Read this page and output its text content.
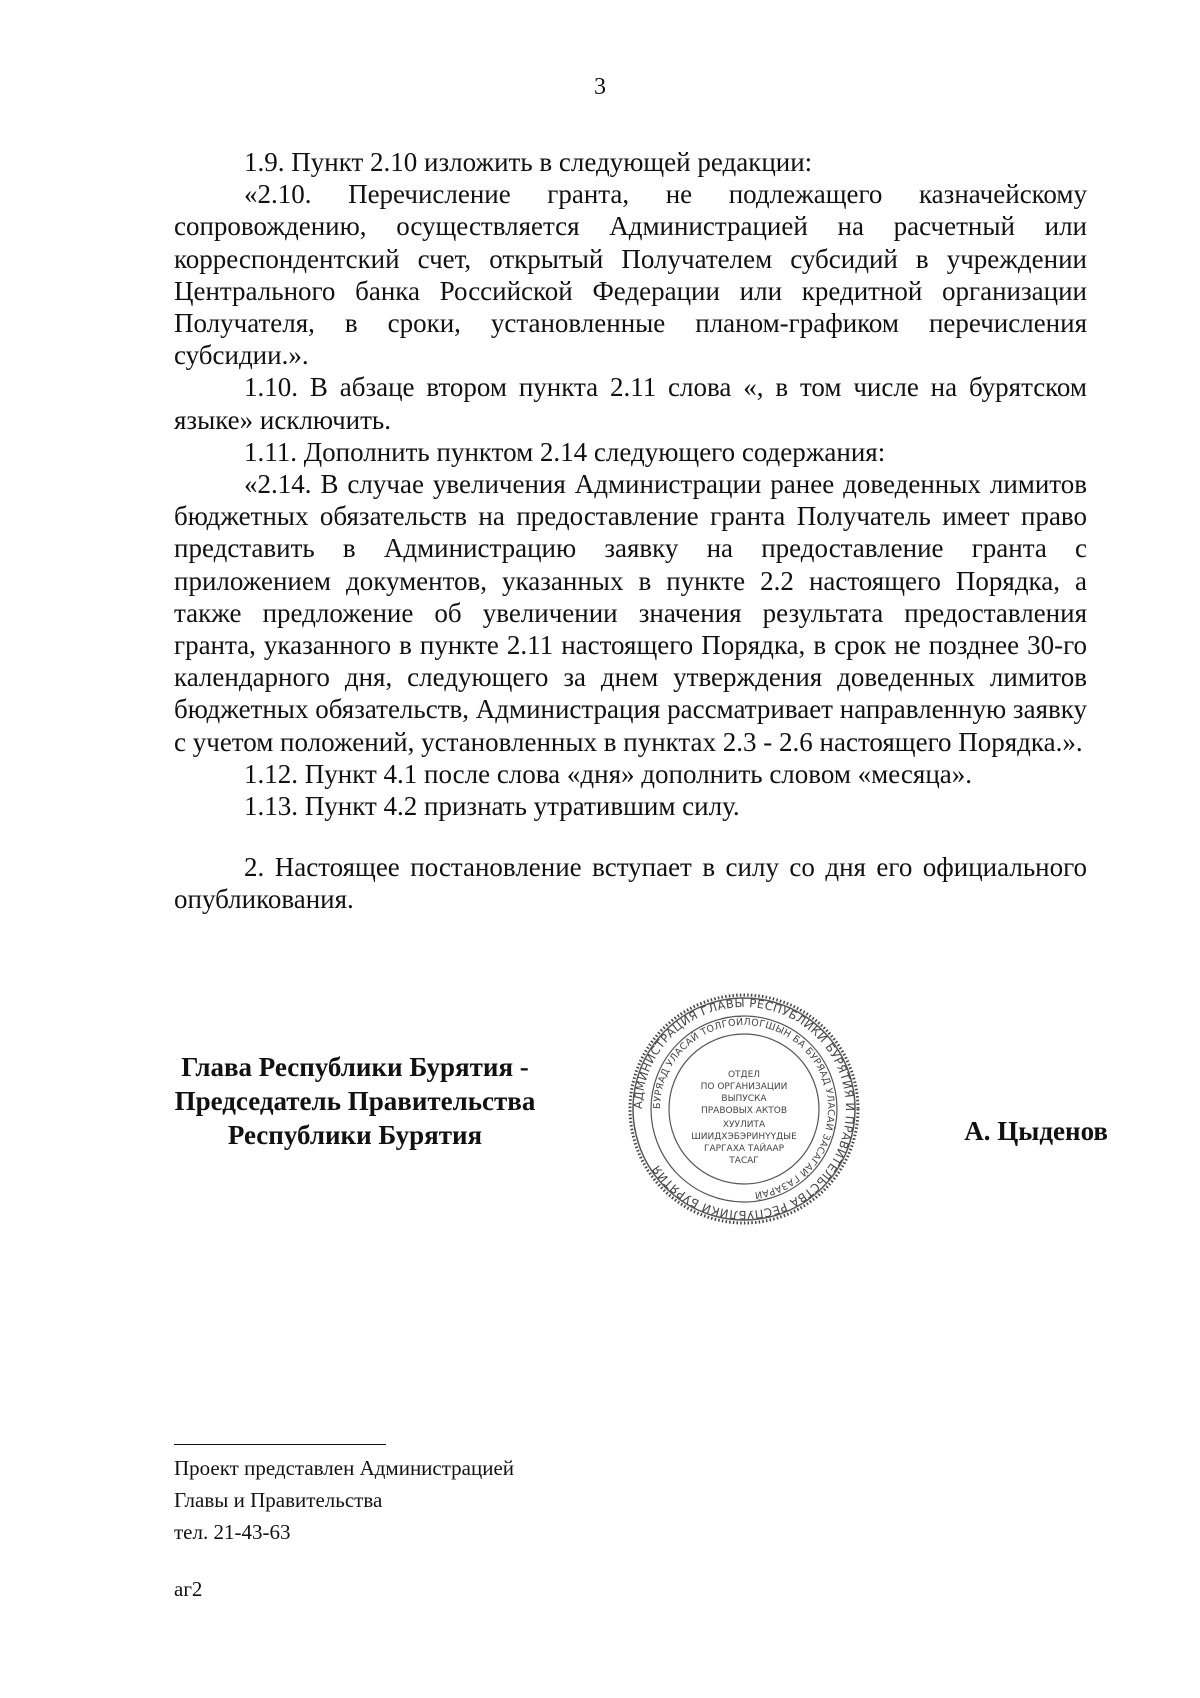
3

1.9. Пункт 2.10 изложить в следующей редакции:

«2.10. Перечисление гранта, не подлежащего казначейскому сопровождению, осуществляется Администрацией на расчетный или корреспондентский счет, открытый Получателем субсидий в учреждении Центрального банка Российской Федерации или кредитной организации Получателя, в сроки, установленные планом-графиком перечисления субсидии.».

1.10. В абзаце втором пункта 2.11 слова «, в том числе на бурятском языке» исключить.

1.11. Дополнить пунктом 2.14 следующего содержания:

«2.14. В случае увеличения Администрации ранее доведенных лимитов бюджетных обязательств на предоставление гранта Получатель имеет право представить в Администрацию заявку на предоставление гранта с приложением документов, указанных в пункте 2.2 настоящего Порядка, а также предложение об увеличении значения результата предоставления гранта, указанного в пункте 2.11 настоящего Порядка, в срок не позднее 30-го календарного дня, следующего за днем утверждения доведенных лимитов бюджетных обязательств, Администрация рассматривает направленную заявку с учетом положений, установленных в пунктах 2.3 - 2.6 настоящего Порядка.».

1.12. Пункт 4.1 после слова «дня» дополнить словом «месяца».

1.13. Пункт 4.2 признать утратившим силу.

2. Настоящее постановление вступает в силу со дня его официального опубликования.

Глава Республики Бурятия -
Председатель Правительства
Республики Бурятия	А. Цыденов
АДМИНИСТРАЦИЯ ГЛАВЫ РЕСПУБЛИКИ БУРЯТИЯ И ПРАВИТЕЛЬСТВА РЕСПУБЛИКИ БУРЯТИЯ
БУРЯАД УЛАСАЙ ТОЛГОЙЛОГШЫН БА БУРЯАД УЛАСАЙ ЗАСАГАЙ ГАЗАРАЙ
ОТДЕЛ
ПО ОРГАНИЗАЦИИ
ВЫПУСКА
ПРАВОВЫХ АКТОВ
ХУУЛИТА
ШИИДХЭБЭРИНҮҮДЫЕ
ГАРГАХА ТАЙААР
ТАСАГ
Проект представлен Администрацией
Главы и Правительства
тел. 21-43-63
аг2
